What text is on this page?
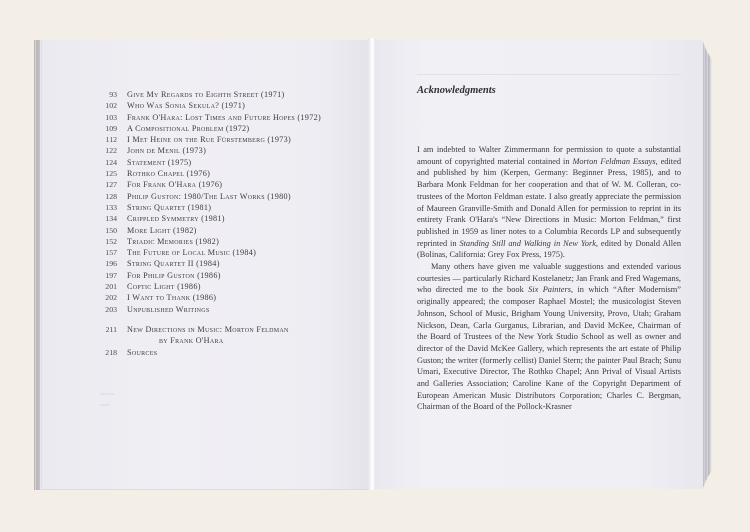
93	Give My Regards to Eighth Street (1971)
102	Who Was Sonia Sekula? (1971)
103	Frank O'Hara: Lost Times and Future Hopes (1972)
109	A Compositional Problem (1972)
112	I Met Heine on the Rue Fürstemberg (1973)
122	John de Menil (1973)
124	Statement (1975)
125	Rothko Chapel (1976)
127	For Frank O'Hara (1976)
128	Philip Guston: 1980/The Last Works (1980)
133	String Quartet (1981)
134	Crippled Symmetry (1981)
150	More Light (1982)
152	Triadic Memories (1982)
157	The Future of Local Music (1984)
196	String Quartet II (1984)
197	For Philip Guston (1986)
201	Coptic Light (1986)
202	I Want to Thank (1986)
203	Unpublished Writings
211	New Directions in Music: Morton Feldman
by Frank O'Hara
218	Sources
Acknowledgments

I am indebted to Walter Zimmermann for permission to quote a substantial amount of copyrighted material contained in Morton Feldman Essays, edited and published by him (Kerpen, Germany: Beginner Press, 1985), and to Barbara Monk Feldman for her cooperation and that of W. M. Colleran, co-trustees of the Morton Feldman estate. I also greatly appreciate the permission of Maureen Granville-Smith and Donald Allen for permission to reprint in its entirety Frank O'Hara's “New Directions in Music: Morton Feldman,” first published in 1959 as liner notes to a Columbia Records LP and subsequently reprinted in Standing Still and Walking in New York, edited by Donald Allen (Bolinas, California: Grey Fox Press, 1975).

Many others have given me valuable suggestions and extended various courtesies — particularly Richard Kostelanetz; Jan Frank and Fred Wagemans, who directed me to the book Six Painters, in which “After Modernism” originally appeared; the composer Raphael Mostel; the musicologist Steven Johnson, School of Music, Brigham Young University, Provo, Utah; Graham Nickson, Dean, Carla Gurganus, Librarian, and David McKee, Chairman of the Board of Trustees of the New York Studio School as well as owner and director of the David McKee Gallery, which represents the art estate of Philip Guston; the writer (formerly cellist) Daniel Stern; the painter Paul Brach; Sunu Umari, Executive Director, The Rothko Chapel; Ann Prival of Visual Artists and Galleries Association; Caroline Kane of the Copyright Department of European American Music Distributors Corporation; Charles C. Bergman, Chairman of the Board of the Pollock-Krasner
